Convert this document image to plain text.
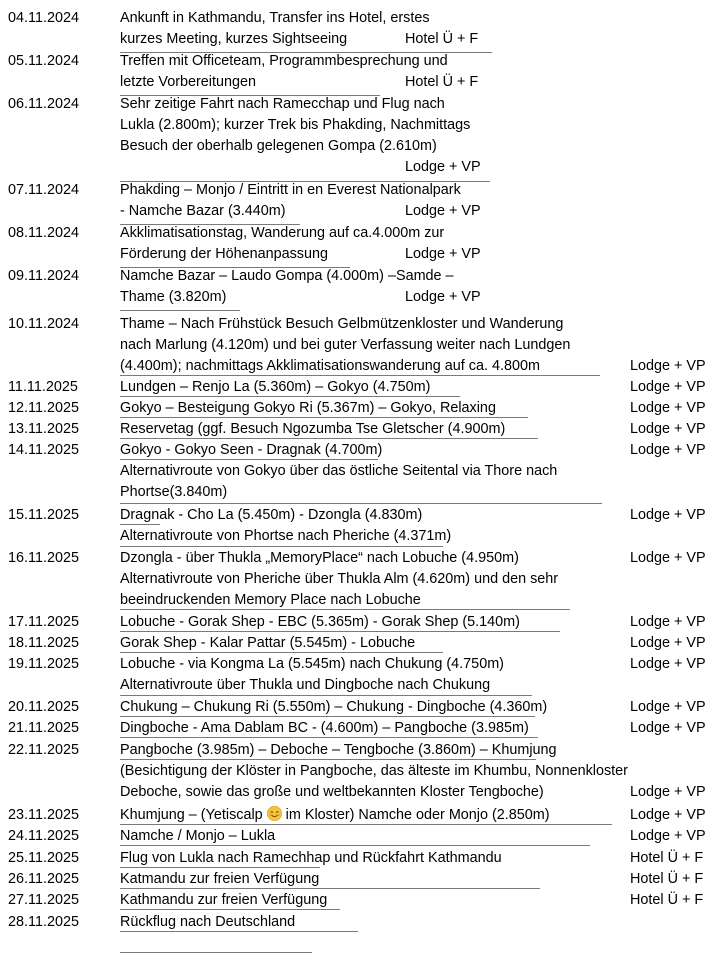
04.11.2024	Ankunft in Kathmandu, Transfer ins Hotel, erstes
kurzes Meeting, kurzes Sightseeing	Hotel Ü + F
05.11.2024	Treffen mit Officeteam, Programmbesprechung und
letzte Vorbereitungen	Hotel Ü + F
06.11.2024	Sehr zeitige Fahrt nach Ramecchap und Flug nach
Lukla (2.800m); kurzer Trek bis Phakding, Nachmittags
Besuch der oberhalb gelegenen Gompa (2.610m)
Lodge + VP
07.11.2024	Phakding – Monjo / Eintritt in en Everest Nationalpark
- Namche Bazar (3.440m)	Lodge + VP
08.11.2024	Akklimatisationstag, Wanderung auf ca.4.000m zur
Förderung der Höhenanpassung	Lodge + VP
09.11.2024	Namche Bazar – Laudo Gompa (4.000m) –Samde –
Thame (3.820m)	Lodge + VP
10.11.2024	Thame – Nach Frühstück Besuch Gelbmützenkloster und Wanderung
nach Marlung (4.120m) und bei guter Verfassung weiter nach Lundgen
(4.400m); nachmittags Akklimatisationswanderung auf ca. 4.800m	Lodge + VP
11.11.2025	Lundgen – Renjo La (5.360m) – Gokyo (4.750m)	Lodge + VP
12.11.2025	Gokyo – Besteigung Gokyo Ri (5.367m) – Gokyo, Relaxing	Lodge + VP
13.11.2025	Reservetag (ggf. Besuch Ngozumba Tse Gletscher (4.900m)	Lodge + VP
14.11.2025	Gokyo - Gokyo Seen - Dragnak (4.700m)	Lodge + VP
Alternativroute von Gokyo über das östliche Seitental via Thore nach
Phortse(3.840m)
15.11.2025	Dragnak - Cho La (5.450m) - Dzongla (4.830m)	Lodge + VP
Alternativroute von Phortse nach Pheriche (4.371m)
16.11.2025	Dzongla - über Thukla „MemoryPlace“ nach Lobuche (4.950m)	Lodge + VP
Alternativroute von Pheriche über Thukla Alm (4.620m) und den sehr
beeindruckenden Memory Place nach Lobuche
17.11.2025	Lobuche - Gorak Shep - EBC (5.365m) - Gorak Shep (5.140m)	Lodge + VP
18.11.2025	Gorak Shep - Kalar Pattar (5.545m) - Lobuche	Lodge + VP
19.11.2025	Lobuche - via Kongma La (5.545m) nach Chukung (4.750m)	Lodge + VP
Alternativroute über Thukla und Dingboche nach Chukung
20.11.2025	Chukung – Chukung Ri (5.550m) – Chukung - Dingboche (4.360m)	Lodge + VP
21.11.2025	Dingboche - Ama Dablam BC - (4.600m) – Pangboche (3.985m)	Lodge + VP
22.11.2025	Pangboche (3.985m) – Deboche – Tengboche (3.860m) – Khumjung
(Besichtigung der Klöster in Pangboche, das älteste im Khumbu, Nonnenkloster
Deboche, sowie das große und weltbekannten Kloster Tengboche)	Lodge + VP
23.11.2025	Khumjung – (Yetiscalp
im Kloster) Namche oder Monjo (2.850m)	Lodge + VP
24.11.2025	Namche / Monjo – Lukla	Lodge + VP
25.11.2025	Flug von Lukla nach Ramechhap und Rückfahrt Kathmandu	Hotel Ü + F
26.11.2025	Katmandu zur freien Verfügung	Hotel Ü + F
27.11.2025	Kathmandu zur freien Verfügung	Hotel Ü + F
28.11.2025	Rückflug nach Deutschland
